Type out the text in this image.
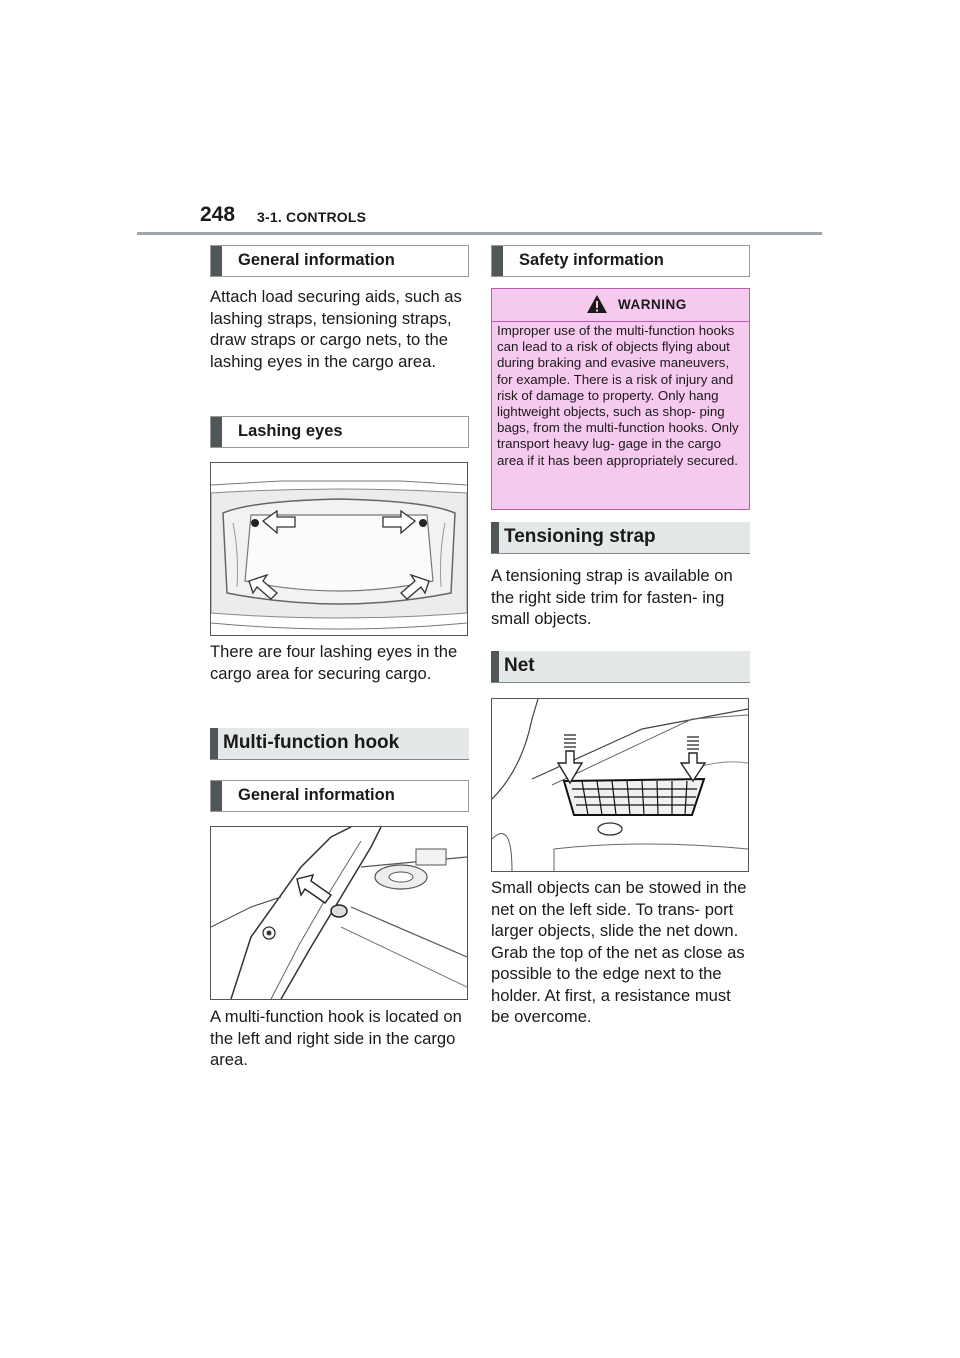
248 3-1. CONTROLS
General information
Attach load securing aids, such as lashing straps, tensioning straps, draw straps or cargo nets, to the lashing eyes in the cargo area.
Lashing eyes
There are four lashing eyes in the cargo area for securing cargo.
Multi-function hook
General information
A multi-function hook is located on the left and right side in the cargo area.
Safety information
WARNING
Improper use of the multi-function hooks can lead to a risk of objects flying about during braking and evasive maneuvers, for example. There is a risk of injury and risk of damage to property. Only hang lightweight objects, such as shop- ping bags, from the multi-function hooks. Only transport heavy lug- gage in the cargo area if it has been appropriately secured.
Tensioning strap
A tensioning strap is available on the right side trim for fasten- ing small objects.
Net
Small objects can be stowed in the net on the left side. To trans- port larger objects, slide the net down. Grab the top of the net as close as possible to the edge next to the holder. At first, a resistance must be overcome.
